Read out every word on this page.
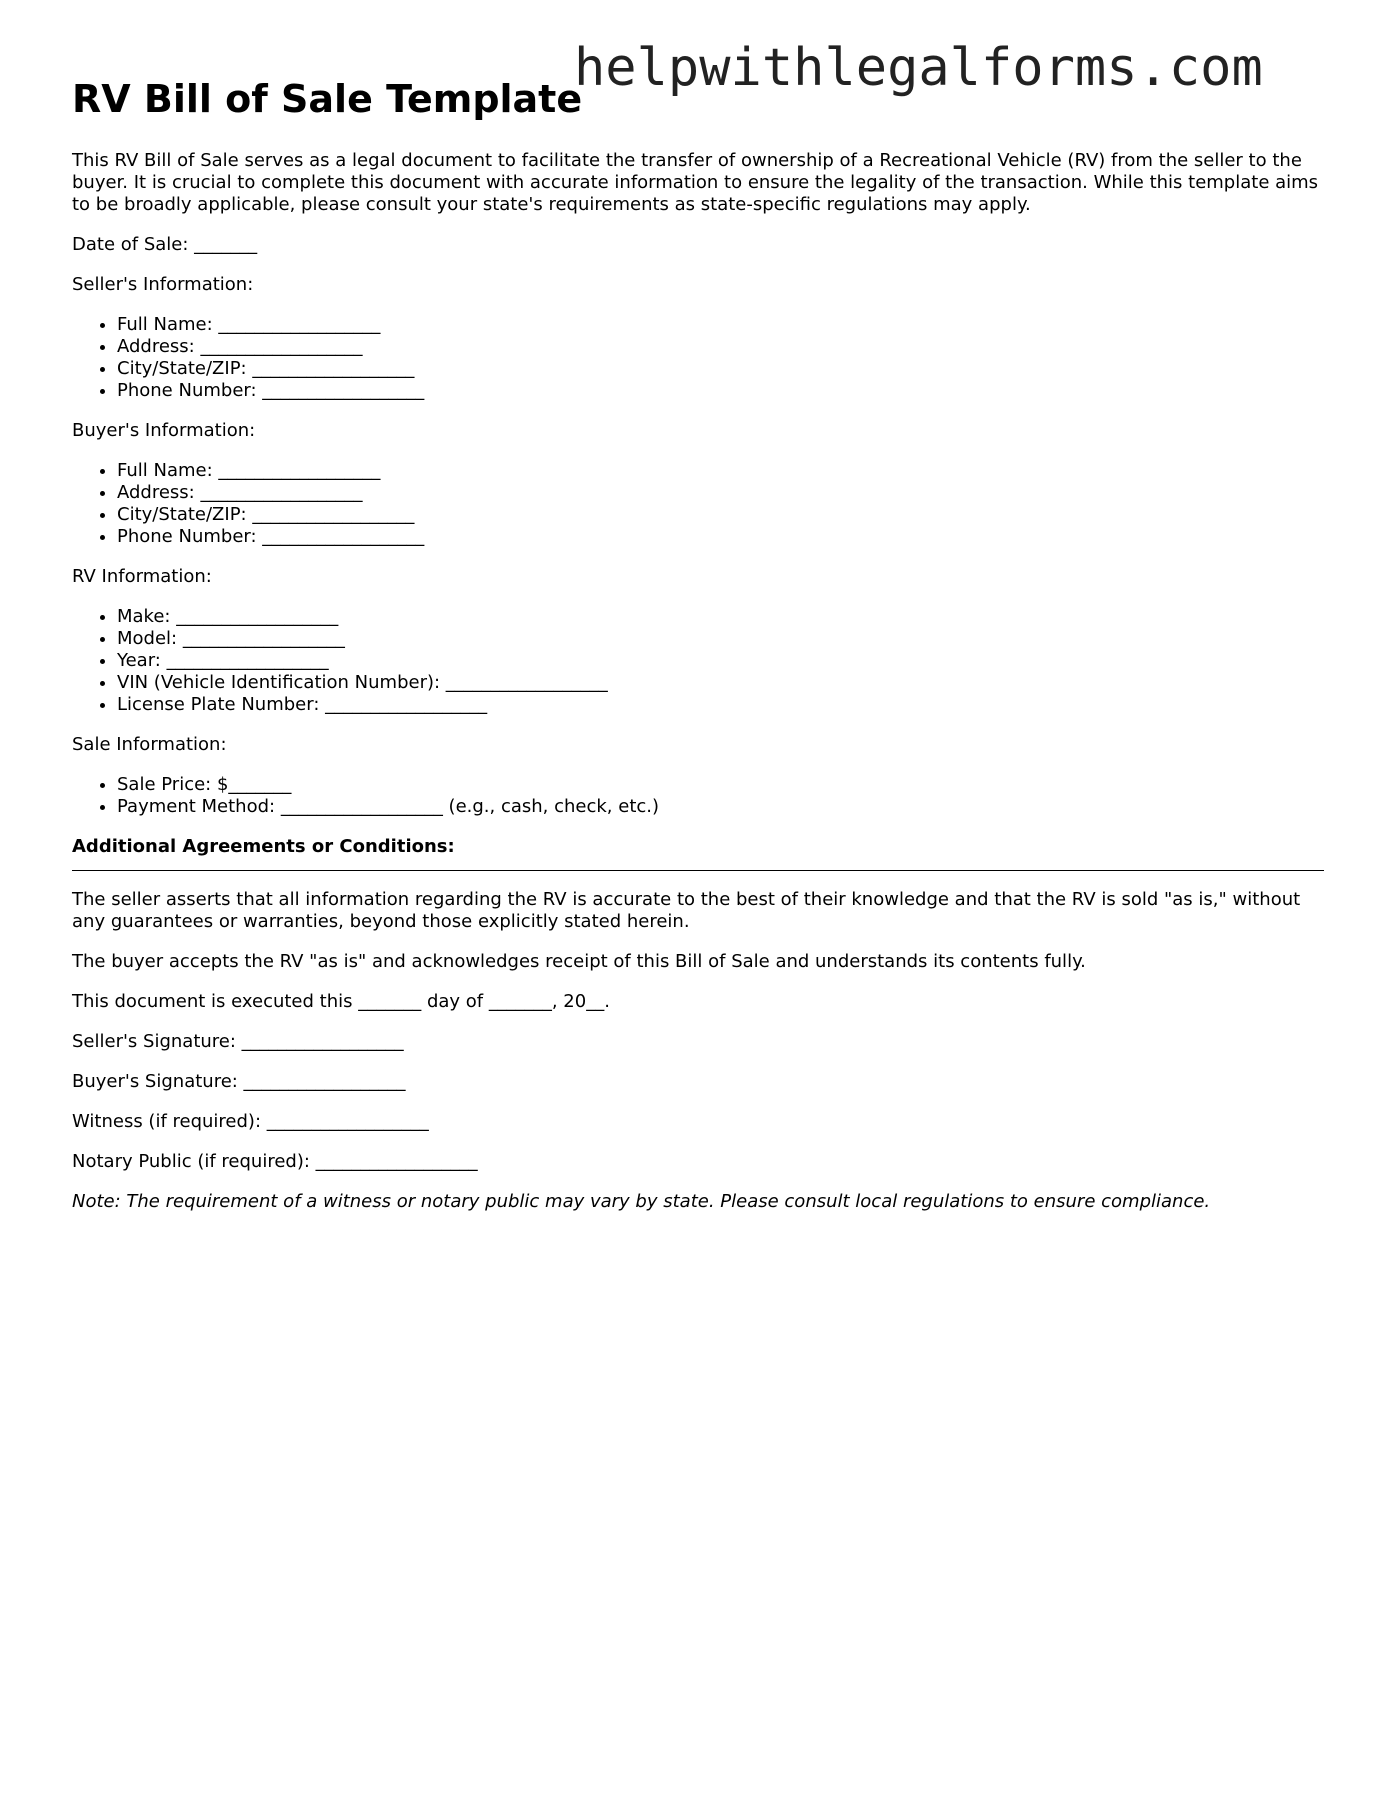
helpwithlegalforms.com
RV Bill of Sale Template

This RV Bill of Sale serves as a legal document to facilitate the transfer of ownership of a Recreational Vehicle (RV) from the seller to the buyer. It is crucial to complete this document with accurate information to ensure the legality of the transaction. While this template aims to be broadly applicable, please consult your state's requirements as state-specific regulations may apply.

Date of Sale: _______

Seller's Information:

• Full Name: __________________
• Address: __________________
• City/State/ZIP: __________________
• Phone Number: __________________

Buyer's Information:

• Full Name: __________________
• Address: __________________
• City/State/ZIP: __________________
• Phone Number: __________________

RV Information:

• Make: __________________
• Model: __________________
• Year: __________________
• VIN (Vehicle Identification Number): __________________
• License Plate Number: __________________

Sale Information:

• Sale Price: $_______
• Payment Method: __________________ (e.g., cash, check, etc.)

Additional Agreements or Conditions:

The seller asserts that all information regarding the RV is accurate to the best of their knowledge and that the RV is sold "as is," without any guarantees or warranties, beyond those explicitly stated herein.

The buyer accepts the RV "as is" and acknowledges receipt of this Bill of Sale and understands its contents fully.

This document is executed this _______ day of _______, 20__.

Seller's Signature: __________________

Buyer's Signature: __________________

Witness (if required): __________________

Notary Public (if required): __________________

Note: The requirement of a witness or notary public may vary by state. Please consult local regulations to ensure compliance.
